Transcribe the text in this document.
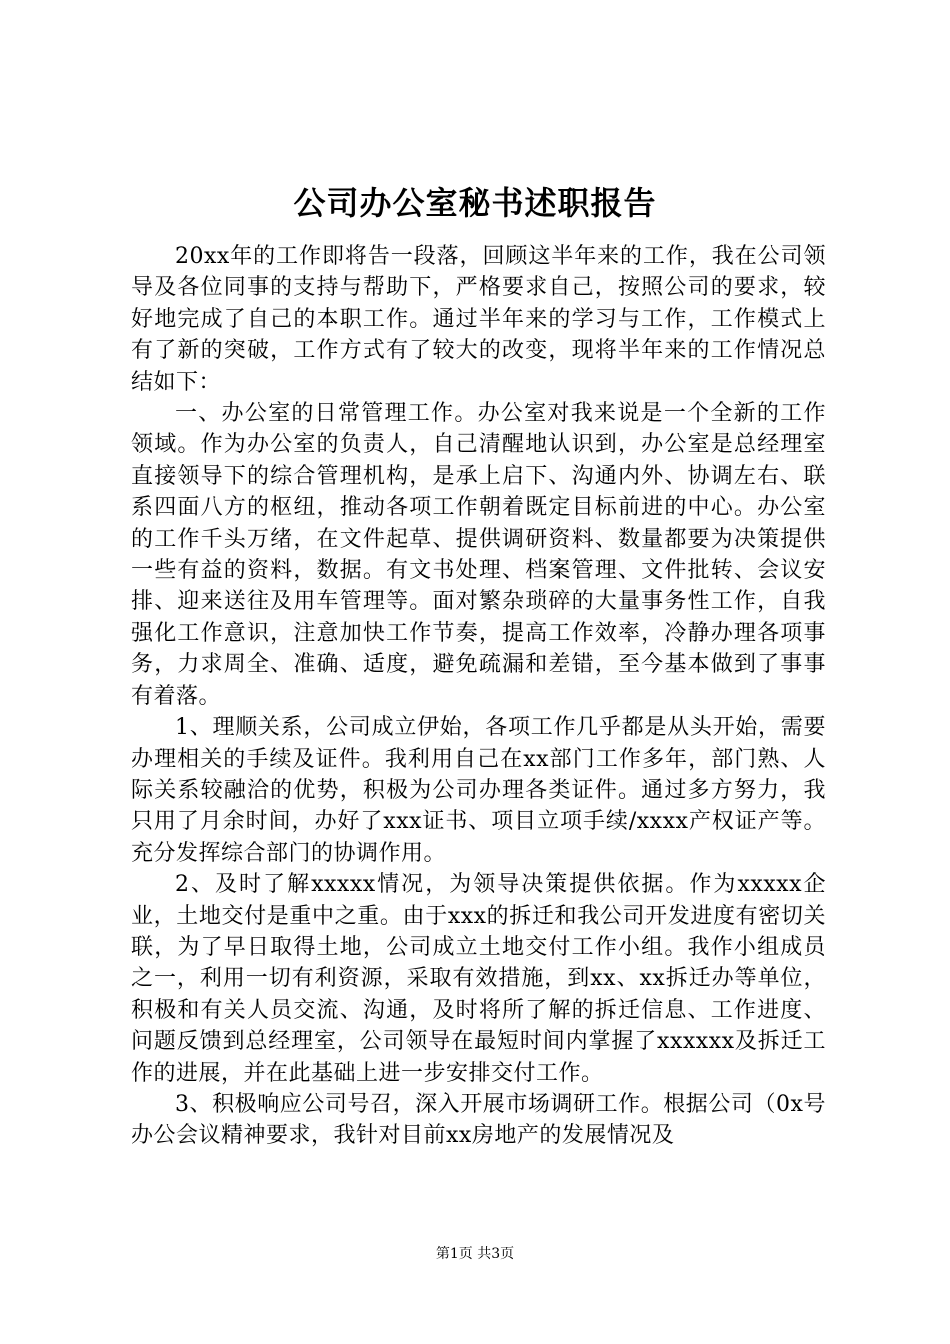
公司办公室秘书述职报告

20xx年的工作即将告一段落，回顾这半年来的工作，我在公司领导及各位同事的支持与帮助下，严格要求自己，按照公司的要求，较好地完成了自己的本职工作。通过半年来的学习与工作，工作模式上有了新的突破，工作方式有了较大的改变，现将半年来的工作情况总结如下：

一、办公室的日常管理工作。办公室对我来说是一个全新的工作领域。作为办公室的负责人，自己清醒地认识到，办公室是总经理室直接领导下的综合管理机构，是承上启下、沟通内外、协调左右、联系四面八方的枢纽，推动各项工作朝着既定目标前进的中心。办公室的工作千头万绪，在文件起草、提供调研资料、数量都要为决策提供一些有益的资料，数据。有文书处理、档案管理、文件批转、会议安排、迎来送往及用车管理等。面对繁杂琐碎的大量事务性工作，自我强化工作意识，注意加快工作节奏，提高工作效率，冷静办理各项事务，力求周全、准确、适度，避免疏漏和差错，至今基本做到了事事有着落。

1、理顺关系，公司成立伊始，各项工作几乎都是从头开始，需要办理相关的手续及证件。我利用自己在xx部门工作多年，部门熟、人际关系较融洽的优势，积极为公司办理各类证件。通过多方努力，我只用了月余时间，办好了xxx证书、项目立项手续/xxxx产权证产等。充分发挥综合部门的协调作用。

2、及时了解xxxxx情况，为领导决策提供依据。作为xxxxx企业，土地交付是重中之重。由于xxx的拆迁和我公司开发进度有密切关联，为了早日取得土地，公司成立土地交付工作小组。我作小组成员之一，利用一切有利资源，采取有效措施，到xx、xx拆迁办等单位，积极和有关人员交流、沟通，及时将所了解的拆迁信息、工作进度、问题反馈到总经理室，公司领导在最短时间内掌握了xxxxxx及拆迁工作的进展，并在此基础上进一步安排交付工作。

3、积极响应公司号召，深入开展市场调研工作。根据公司（0x号办公会议精神要求，我针对目前xx房地产的发展情况及

第1页 共3页
